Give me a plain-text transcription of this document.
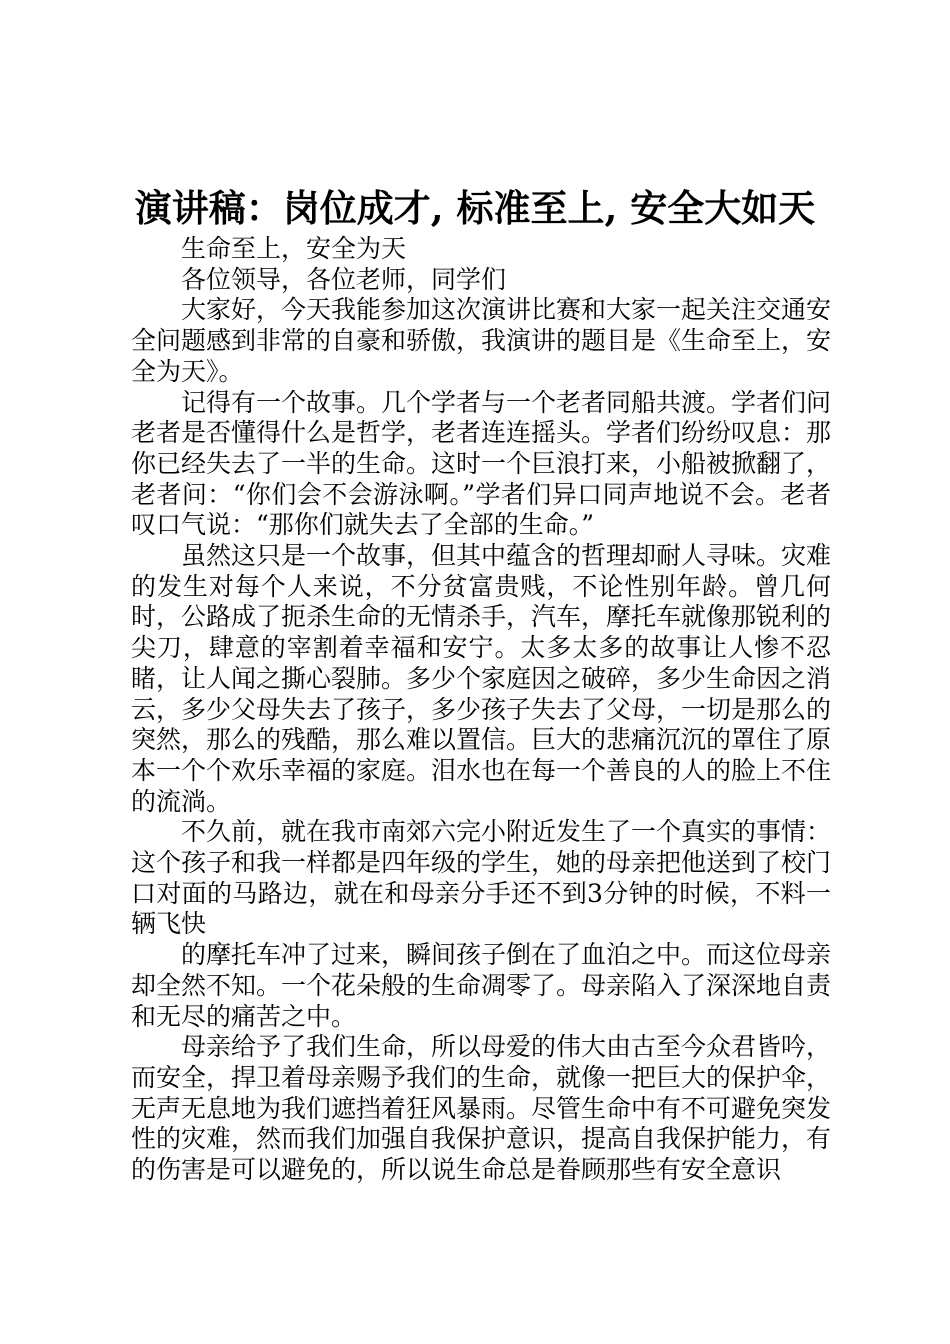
演讲稿：岗位成才, 标准至上, 安全大如天

生命至上，安全为天

各位领导，各位老师，同学们

大家好，今天我能参加这次演讲比赛和大家一起关注交通安全问题感到非常的自豪和骄傲，我演讲的题目是《生命至上，安全为天》。

记得有一个故事。几个学者与一个老者同船共渡。学者们问老者是否懂得什么是哲学，老者连连摇头。学者们纷纷叹息：那你已经失去了一半的生命。这时一个巨浪打来，小船被掀翻了，老者问：“你们会不会游泳啊。”学者们异口同声地说不会。老者叹口气说：“那你们就失去了全部的生命。”

虽然这只是一个故事，但其中蕴含的哲理却耐人寻味。灾难的发生对每个人来说，不分贫富贵贱，不论性别年龄。曾几何时，公路成了扼杀生命的无情杀手，汽车，摩托车就像那锐利的尖刀，肆意的宰割着幸福和安宁。太多太多的故事让人惨不忍睹，让人闻之撕心裂肺。多少个家庭因之破碎，多少生命因之消云，多少父母失去了孩子，多少孩子失去了父母，一切是那么的突然，那么的残酷，那么难以置信。巨大的悲痛沉沉的罩住了原本一个个欢乐幸福的家庭。泪水也在每一个善良的人的脸上不住的流淌。

不久前，就在我市南郊六完小附近发生了一个真实的事情：这个孩子和我一样都是四年级的学生，她的母亲把他送到了校门口对面的马路边，就在和母亲分手还不到3分钟的时候，不料一辆飞快

的摩托车冲了过来，瞬间孩子倒在了血泊之中。而这位母亲却全然不知。一个花朵般的生命凋零了。母亲陷入了深深地自责和无尽的痛苦之中。

母亲给予了我们生命，所以母爱的伟大由古至今众君皆吟，而安全，捍卫着母亲赐予我们的生命，就像一把巨大的保护伞，无声无息地为我们遮挡着狂风暴雨。尽管生命中有不可避免突发性的灾难，然而我们加强自我保护意识，提高自我保护能力，有的伤害是可以避免的，所以说生命总是眷顾那些有安全意识
